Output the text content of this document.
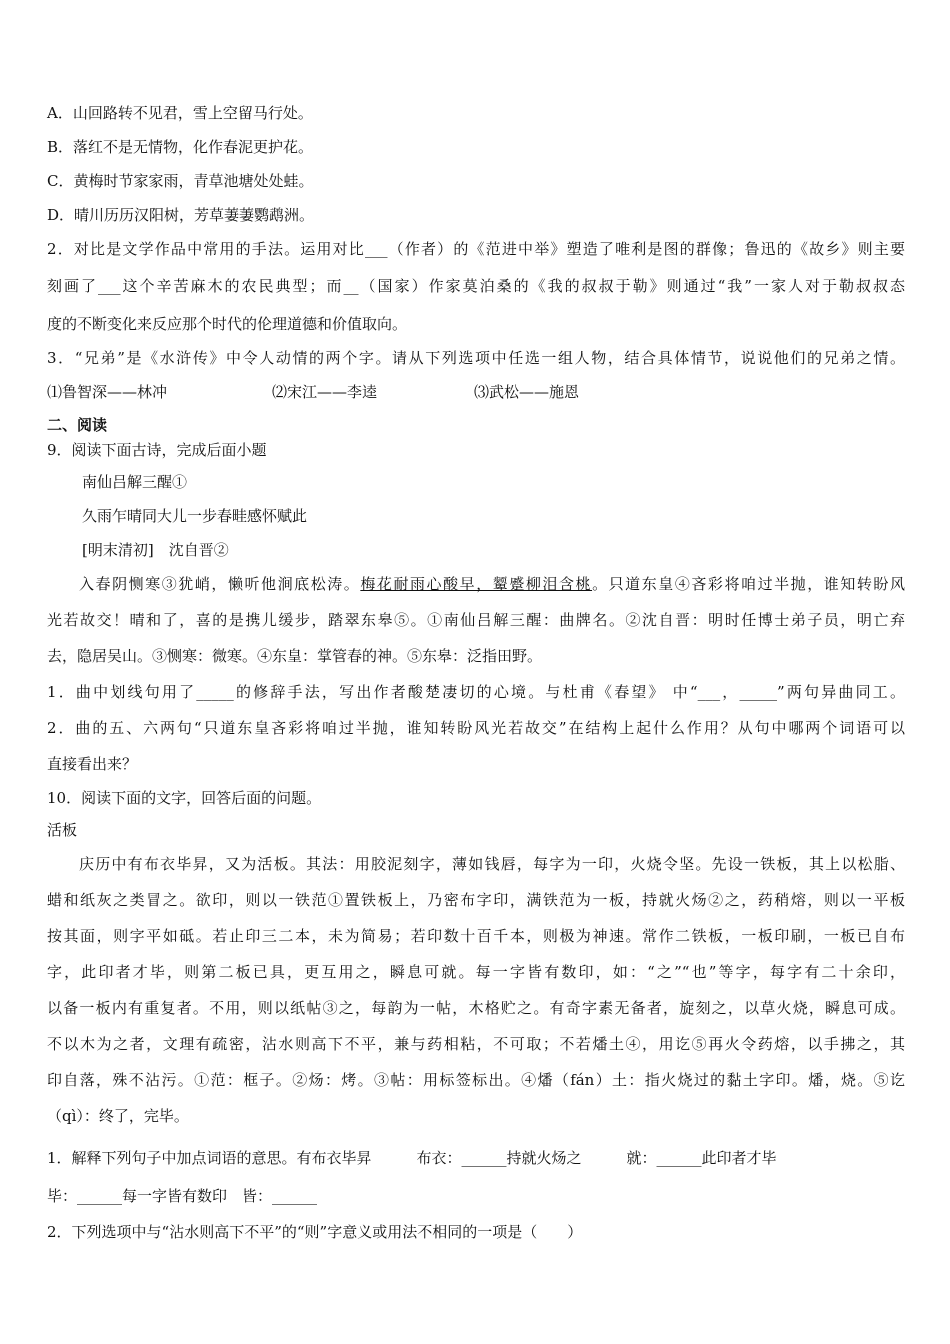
A．山回路转不见君，雪上空留马行处。
B．落红不是无情物，化作春泥更护花。
C．黄梅时节家家雨，青草池塘处处蛙。
D．晴川历历汉阳树，芳草萋萋鹦鹉洲。
2．对比是文学作品中常用的手法。运用对比___（作者）的《范进中举》塑造了唯利是图的群像；鲁迅的《故乡》则主要
刻画了___这个辛苦麻木的农民典型；而__（国家）作家莫泊桑的《我的叔叔于勒》则通过“我”一家人对于勒叔叔态
度的不断变化来反应那个时代的伦理道德和价值取向。
3．“兄弟”是《水浒传》中令人动情的两个字。请从下列选项中任选一组人物，结合具体情节，说说他们的兄弟之情。
⑴鲁智深——林冲	⑵宋江——李逵	⑶武松——施恩
二、阅读
9．阅读下面古诗，完成后面小题
南仙吕解三醒①
久雨乍晴同大儿一步春畦感怀赋此
[明末清初]　沈自晋②
入春阴恻寒③犹峭，懒听他涧底松涛。梅花耐雨心酸早，颦蹙柳泪含桃。只道东皇④吝彩将咱过半抛，谁知转盼风
光若故交！晴和了，喜的是携儿缓步，踏翠东皋⑤。①南仙吕解三醒：曲牌名。②沈自晋：明时任博士弟子员，明亡弃
去，隐居吴山。③恻寒：微寒。④东皇：掌管春的神。⑤东皋：泛指田野。
1．曲中划线句用了_____的修辞手法，写出作者酸楚凄切的心境。与杜甫《春望》 中“___，_____”两句异曲同工。
2．曲的五、六两句“只道东皇吝彩将咱过半抛，谁知转盼风光若故交”在结构上起什么作用？从句中哪两个词语可以
直接看出来？
10．阅读下面的文字，回答后面的问题。
活板
庆历中有布衣毕昇，又为活板。其法：用胶泥刻字，薄如钱唇，每字为一印，火烧令坚。先设一铁板，其上以松脂、
蜡和纸灰之类冒之。欲印，则以一铁范①置铁板上，乃密布字印，满铁范为一板，持就火炀②之，药稍熔，则以一平板
按其面，则字平如砥。若止印三二本，未为简易；若印数十百千本，则极为神速。常作二铁板，一板印刷，一板已自布
字，此印者才毕，则第二板已具，更互用之，瞬息可就。每一字皆有数印，如：“之”“也”等字，每字有二十余印，
以备一板内有重复者。不用，则以纸帖③之，每韵为一帖，木格贮之。有奇字素无备者，旋刻之，以草火烧，瞬息可成。
不以木为之者，文理有疏密，沾水则高下不平，兼与药相粘，不可取；不若燔土④，用讫⑤再火令药熔，以手拂之，其
印自落，殊不沾污。①范：框子。②炀：烤。③帖：用标签标出。④燔（fán）土：指火烧过的黏土字印。燔，烧。⑤讫
（qì）：终了，完毕。
1．解释下列句子中加点词语的意思。有布衣毕昇　　　布衣：______持就火炀之　　　就：______此印者才毕
毕：______每一字皆有数印　皆：______
2．下列选项中与“沾水则高下不平”的“则”字意义或用法不相同的一项是（　　）
